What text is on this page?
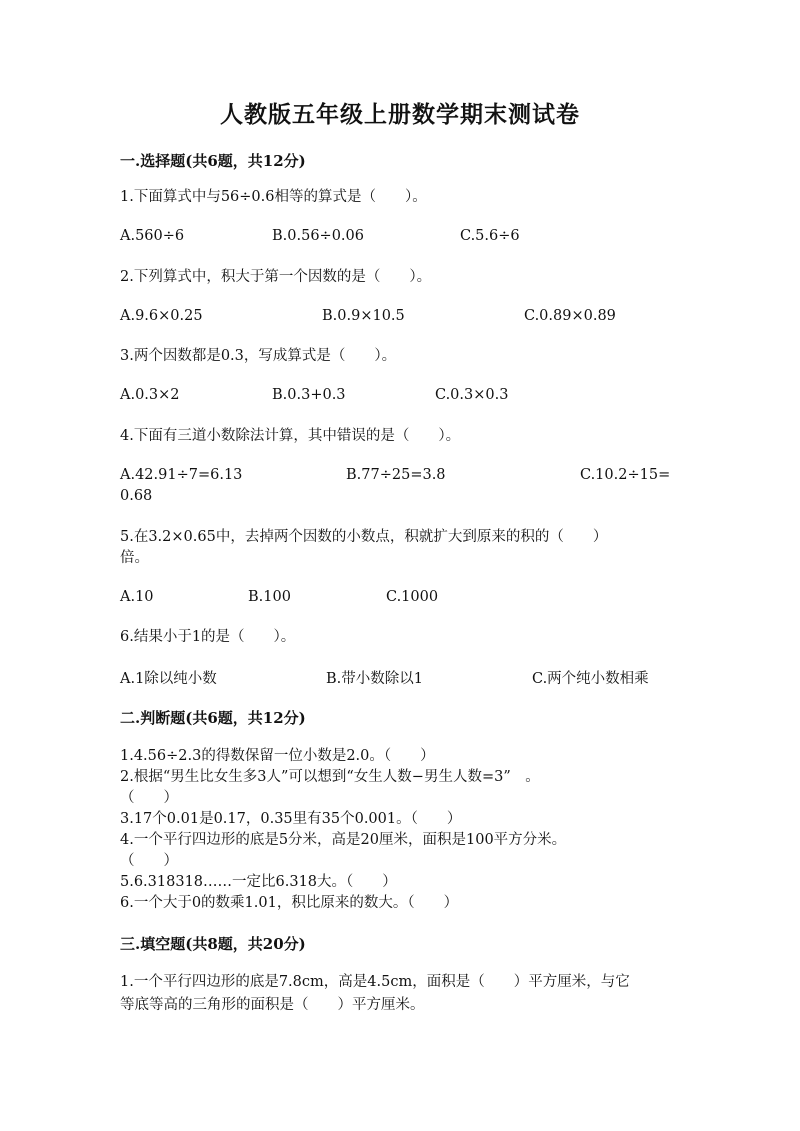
人教版五年级上册数学期末测试卷
一.选择题(共6题，共12分)
1.下面算式中与56÷0.6相等的算式是（　　）。
A.560÷6	B.0.56÷0.06	C.5.6÷6
2.下列算式中，积大于第一个因数的是（　　）。
A.9.6×0.25	B.0.9×10.5	C.0.89×0.89
3.两个因数都是0.3，写成算式是（　　）。
A.0.3×2	B.0.3+0.3	C.0.3×0.3
4.下面有三道小数除法计算，其中错误的是（　　）。
A.42.91÷7=6.13	B.77÷25=3.8	C.10.2÷15=
0.68
5.在3.2×0.65中，去掉两个因数的小数点，积就扩大到原来的积的（　　）
倍。
A.10	B.100	C.1000
6.结果小于1的是（　　）。
A.1除以纯小数	B.带小数除以1	C.两个纯小数相乘
二.判断题(共6题，共12分)
1.4.56÷2.3的得数保留一位小数是2.0。（　　）
2.根据“男生比女生多3人”可以想到“女生人数−男生人数=3”　。
（　　）
3.17个0.01是0.17，0.35里有35个0.001。（　　）
4.一个平行四边形的底是5分米，高是20厘米，面积是100平方分米。
（　　）
5.6.318318……一定比6.318大。（　　）
6.一个大于0的数乘1.01，积比原来的数大。（　　）
三.填空题(共8题，共20分)
1.一个平行四边形的底是7.8cm，高是4.5cm，面积是（　　）平方厘米，与它
等底等高的三角形的面积是（　　）平方厘米。
